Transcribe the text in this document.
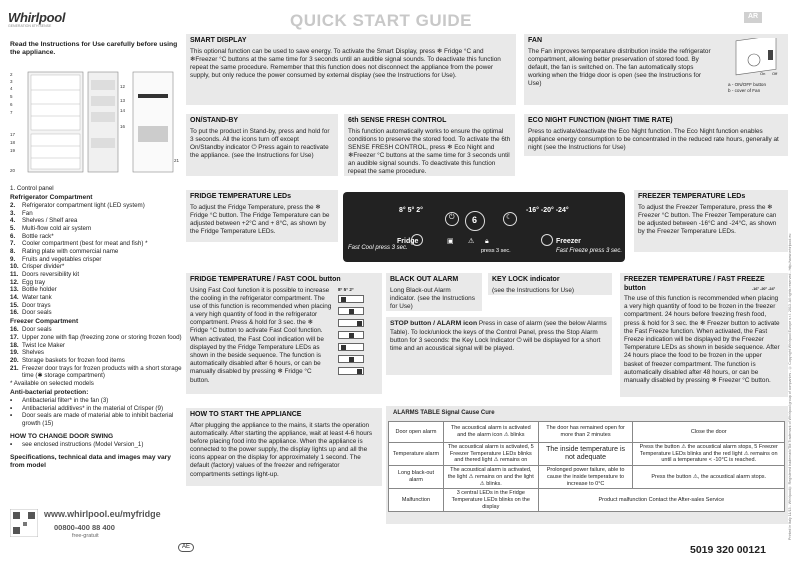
Whirlpool
GENERATION 6TH SENSE	QUICK START GUIDE	AR
Read the Instructions for Use carefully before using the appliance.
2
3
4
5
6
7
17
18
19
20
12
13
14
16
21
1. Control panel
Refrigerator Compartment
2.	Refrigerator compartment light (LED system)
3.	Fan
4.	Shelves / Shelf area
5.	Multi-flow cold air system
6.	Bottle rack*
7.	Cooler compartment (best for meat and fish) *
8.	Rating plate with commercial name
9.	Fruits and vegetables crisper
10. Crisper divider*
11. Doors reversibility kit
12. Egg tray
13. Bottle holder
14. Water tank
15. Door trays
16. Door seals
Freezer Compartment
16. Door seals
17. Upper zone with flap (freezing zone or storing frozen food)
18. Twist Ice Maker
19. Shelves
20. Storage baskets for frozen food items
21. Freezer door trays for frozen products with a short storage time (✱ storage compartment)
* Available on selected models
Anti-bacterial protection:
•	Antibacterial filter* in the fan (3)
•	Antibacterial additives* in the material of Crisper (9)
•	Door seals are made of material able to inhibit bacterial growth (15)
HOW TO CHANGE DOOR SWING
•	see enclosed instructions (Model Version_1)
Specifications, technical data and images may vary from model
www.whirlpool.eu/myfridge
00800-400 88 400
free-gratuit
SMART DISPLAY

This optional function can be used to save energy. To activate the Smart Display, press ❄ Fridge °C and ❄Freezer °C buttons at the same time for 3 seconds until an audible signal sounds. To deactivate this function repeat the same procedure. Remember that this function does not disconnect the appliance from the power supply, but only reduce the power consumed by external display (see the Instructions for Use).

FAN

The Fan improves temperature distribution inside the refrigerator compartment, allowing better preservation of stored food. By default, the fan is switched on. The fan automatically stops working when the fridge door is open (see the Instructions for Use)

On Off
a - ON/OFF button
b - cover of Fan
ON/STAND-BY

To put the product in Stand-by, press and hold for 3 seconds. All the icons turn off except On/Standby indicator ⏻ Press again to reactivate the appliance. (see the Instructions for Use)

6th SENSE FRESH CONTROL

This function automatically works to ensure the optimal conditions to preserve the stored food. To activate the 6th SENSE FRESH CONTROL, press ❄ Eco Night and ❄Freezer °C buttons at the same time for 3 seconds until an audible signal sounds. To deactivate this function repeat the same procedure.

ECO NIGHT FUNCTION (NIGHT TIME RATE)

Press to activate/deactivate the Eco Night function. The Eco Night function enables appliance energy consumption to be concentrated in the reduced rate hours, generally at night (see the Instructions for Use)

FRIDGE TEMPERATURE LEDs

To adjust the Fridge Temperature, press the ❄ Fridge °C button. The Fridge Temperature can be adjusted between +2°C and + 8°C, as shown by the Fridge Temperature LEDs.

FREEZER TEMPERATURE LEDs

To adjust the Freezer Temperature, press the ❄ Freezer °C button. The Freezer Temperature can be adjusted between -16°C and -24°C, as shown by the Freezer Temperature LEDs.

8° 5° 2°	-16° -20° -24°
⏻ 6	☾
Fridge
Fast Cool press 3 sec.
▣ ⚠ 🔒︎
press 3 sec.
Freezer
Fast Freeze press 3 sec.
FRIDGE TEMPERATURE / FAST COOL button

Using Fast Cool function it is possible to increase the cooling in the refrigerator compartment. The use of this function is recommended when placing a very high quantity of food in the refrigerator compartment. Press & hold for 3 sec. the ❄ Fridge °C button to activate Fast Cool function. When activated, the Fast Cool indication will be displayed by the Fridge Temperature LEDs as shown in the beside sequence. The function is automatically disabled after 6 hours, or can be manually disabled by pressing ❄ Fridge °C button.

8° 5° 2°
BLACK OUT ALARM

Long Black-out Alarm indicator. (see the Instructions for Use)

KEY LOCK indicator

(see the Instructions for Use)

STOP button / ALARM icon Press in case of alarm (see the below Alarms Table). To lock/unlock the keys of the Control Panel, press the Stop Alarm button for 3 seconds: the Key Lock Indicator ⏻ will be displayed for a short time and an acoustical signal will be played.

FREEZER TEMPERATURE / FAST FREEZE button

The use of this function is recommended when placing a very high quantity of food to be frozen in the freezer compartment. 24 hours before freezing fresh food, press & hold for 3 sec. the ❄ Freezer button to activate the Fast Freeze function. When activated, the Fast Freeze indication will be displayed by the Freezer Temperature LEDs as shown in beside sequence. After 24 hours place the food to be frozen in the upper basket of freezer compartment. The function is automatically disabled after 48 hours, or can be manually disabled by pressing ❄ Freezer °C button.

-16° -20° -24°
HOW TO START THE APPLIANCE

After plugging the appliance to the mains, it starts the operation automatically. After starting the appliance, wait at least 4-6 hours before placing food into the appliance. When the appliance is connected to the power supply, the display lights up and all the icons appear on the display for approximately 1 second. The default (factory) values of the freezer and refrigerator compartments settings light-up.

ALARMS TABLE Signal Cause Cure
Door open alarm	The acoustical alarm is activated and the alarm icon ⚠ blinks	The door has remained open for more than 2 minutes	Close the door
Temperature alarm	The acoustical alarm is activated, 5 Freezer Temperature LEDs blinks and thered light ⚠ remains on	The inside temperature is not adequate	Press the button ⚠ the acoustical alarm stops, 5 Freezer Temperature LEDs blinks and the red light ⚠ remains on until a temperature < -10°C is reached.
Long black-out alarm	The acoustical alarm is activated, the light ⚠ remains on and the light ⚠ blinks.	Prolonged power failure, able to cause the inside temperature to increase to 0°C	Press the button ⚠, the acoustical alarm stops.
Malfunction	3 central LEDs in the Fridge Temperature LEDs blinks on the display	Product malfunction Contact the After-sales Service		Printed in Italy 11/13 - Whirlpool® Registered trademark/TM Trademark of Whirlpool group of companies - © Copyright Whirlpool Europe s.r.l. 2013. All rights reserved - http://www.whirlpool.eu
AE	5019 320 00121
